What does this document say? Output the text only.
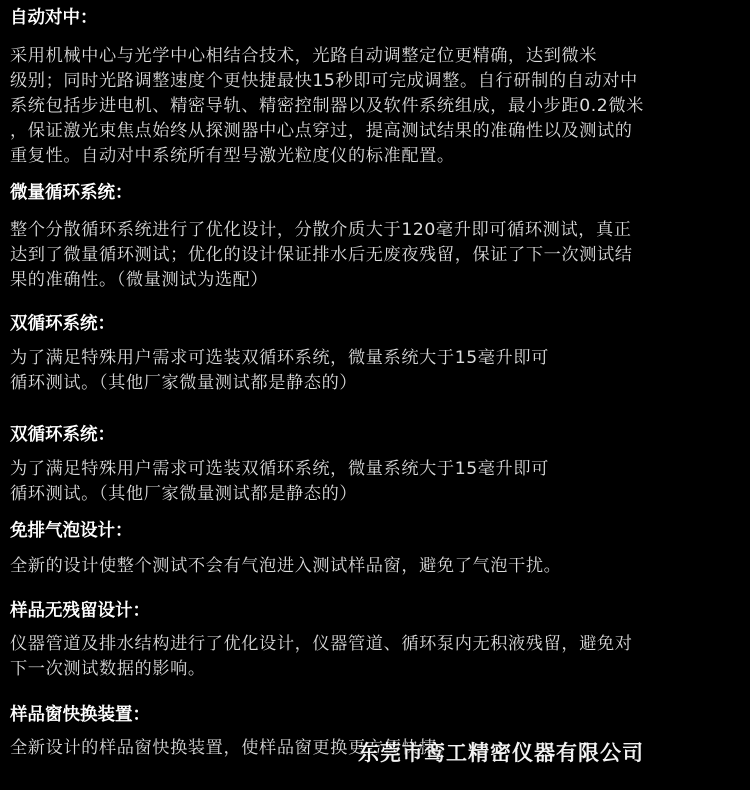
自动对中：

采用机械中心与光学中心相结合技术，光路自动调整定位更精确，达到微米
级别；同时光路调整速度个更快捷最快15秒即可完成调整。自行研制的自动对中
系统包括步进电机、精密导轨、精密控制器以及软件系统组成，最小步距0.2微米
，保证激光束焦点始终从探测器中心点穿过，提高测试结果的准确性以及测试的
重复性。自动对中系统所有型号激光粒度仪的标准配置。

微量循环系统：

整个分散循环系统进行了优化设计，分散介质大于120毫升即可循环测试，真正
达到了微量循环测试；优化的设计保证排水后无废夜残留，保证了下一次测试结
果的准确性。（微量测试为选配）

双循环系统：

为了满足特殊用户需求可选装双循环系统，微量系统大于15毫升即可
循环测试。（其他厂家微量测试都是静态的）

双循环系统：

为了满足特殊用户需求可选装双循环系统，微量系统大于15毫升即可
循环测试。（其他厂家微量测试都是静态的）

免排气泡设计：

全新的设计使整个测试不会有气泡进入测试样品窗，避免了气泡干扰。

样品无残留设计：

仪器管道及排水结构进行了优化设计，仪器管道、循环泵内无积液残留，避免对
下一次测试数据的影响。

样品窗快换装置：

全新设计的样品窗快换装置，使样品窗更换更方便快捷。

东莞市鸾工精密仪器有限公司
